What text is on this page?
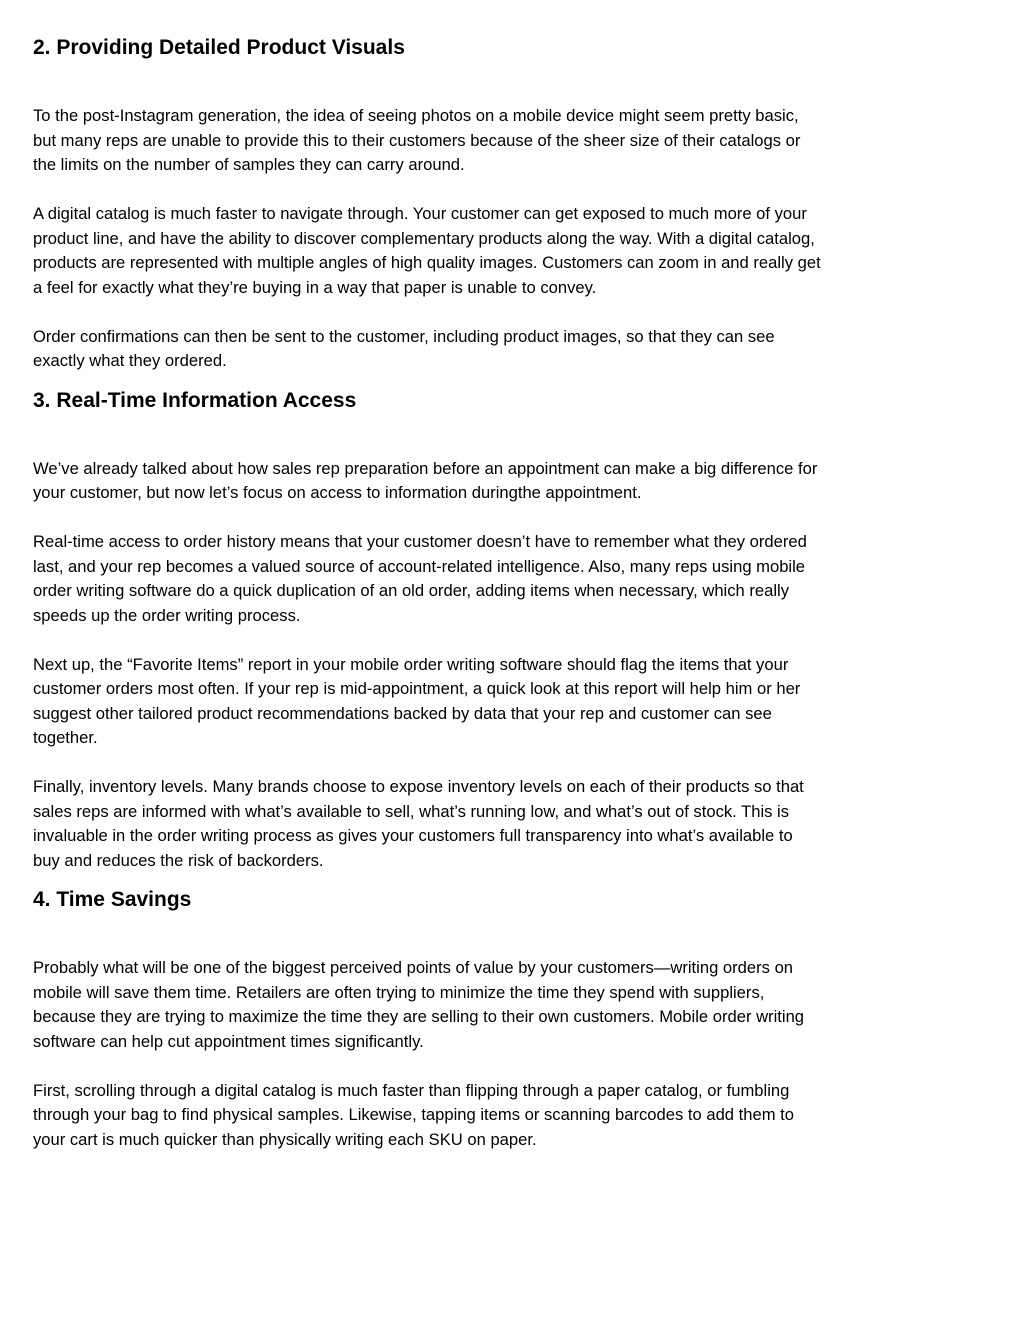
2. Providing Detailed Product Visuals

To the post-Instagram generation, the idea of seeing photos on a mobile device might seem pretty basic, but many reps are unable to provide this to their customers because of the sheer size of their catalogs or the limits on the number of samples they can carry around.

A digital catalog is much faster to navigate through. Your customer can get exposed to much more of your product line, and have the ability to discover complementary products along the way. With a digital catalog, products are represented with multiple angles of high quality images. Customers can zoom in and really get a feel for exactly what they’re buying in a way that paper is unable to convey.

Order confirmations can then be sent to the customer, including product images, so that they can see exactly what they ordered.

3. Real-Time Information Access

We’ve already talked about how sales rep preparation before an appointment can make a big difference for your customer, but now let’s focus on access to information duringthe appointment.

Real-time access to order history means that your customer doesn’t have to remember what they ordered last, and your rep becomes a valued source of account-related intelligence. Also, many reps using mobile order writing software do a quick duplication of an old order, adding items when necessary, which really speeds up the order writing process.

Next up, the “Favorite Items” report in your mobile order writing software should flag the items that your customer orders most often. If your rep is mid-appointment, a quick look at this report will help him or her suggest other tailored product recommendations backed by data that your rep and customer can see together.

Finally, inventory levels. Many brands choose to expose inventory levels on each of their products so that sales reps are informed with what’s available to sell, what’s running low, and what’s out of stock. This is invaluable in the order writing process as gives your customers full transparency into what’s available to buy and reduces the risk of backorders.

4. Time Savings

Probably what will be one of the biggest perceived points of value by your customers—writing orders on mobile will save them time. Retailers are often trying to minimize the time they spend with suppliers, because they are trying to maximize the time they are selling to their own customers. Mobile order writing software can help cut appointment times significantly.

First, scrolling through a digital catalog is much faster than flipping through a paper catalog, or fumbling through your bag to find physical samples. Likewise, tapping items or scanning barcodes to add them to your cart is much quicker than physically writing each SKU on paper.
